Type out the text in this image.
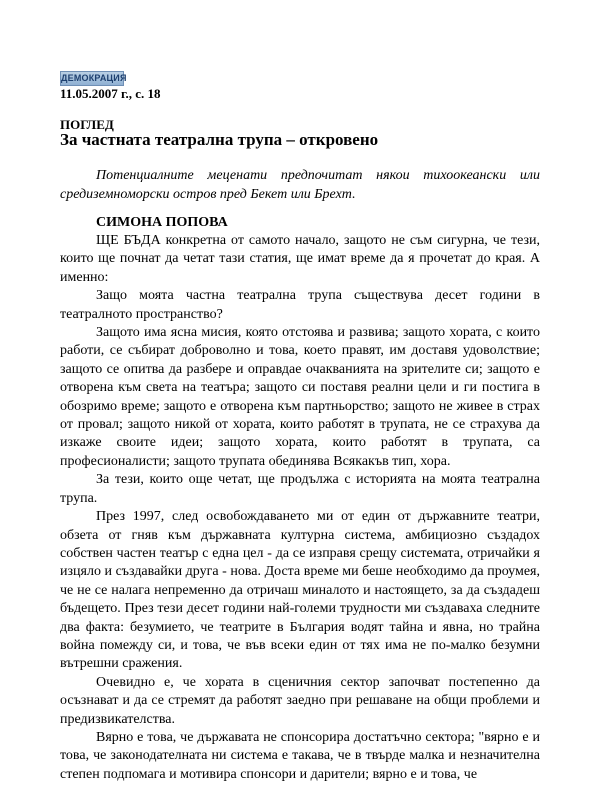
ДЕМОКРАЦИЯ
11.05.2007 г., с. 18
ПОГЛЕД
За частната театрална трупа – откровено
Потенциалните меценати предпочитат някои тихоокеански или средиземноморски остров пред Бекет или Брехт.
СИМОНА ПОПОВА

ЩЕ БЪДА конкретна от самото начало, защото не съм сигурна, че тези, които ще почнат да четат тази статия, ще имат време да я прочетат до края. А именно:

Защо моята частна театрална трупа съществува десет години в театралното пространство?

Защото има ясна мисия, която отстоява и развива; защото хората, с които работи, се събират доброволно и това, което правят, им доставя удоволствие; защото се опитва да разбере и оправдае очакванията на зрителите си; защото е отворена към света на театъра; защото си поставя реални цели и ги постига в обозримо време; защото е отворена към партньорство; защото не живее в страх от провал; защото никой от хората, които работят в трупата, не се страхува да изкаже своите идеи; защото хората, които работят в трупата, са професионалисти; защото трупата обединява Всякакъв тип, хора.

За тези, които още четат, ще продължа с историята на моята театрална трупа.

През 1997, след освобождаването ми от един от държавните театри, обзета от гняв към държавната културна система, амбициозно създадох собствен частен театър с една цел - да се изправя срещу системата, отричайки я изцяло и създавайки друга - нова. Доста време ми беше необходимо да проумея, че не се налага непременно да отричаш миналото и настоящето, за да създадеш бъдещето. През тези десет години най-големи трудности ми създаваха следните два факта: безумието, че театрите в България водят тайна и явна, но трайна война помежду си, и това, че във всеки един от тях има не по-малко безумни вътрешни сражения.

Очевидно е, че хората в сценичния сектор започват постепенно да осъзнават и да се стремят да работят заедно при решаване на общи проблеми и предизвикателства.

Вярно е това, че държавата не спонсорира достатъчно сектора; "вярно е и това, че законодателната ни система е такава, че в твърде малка и незначителна степен подпомага и мотивира спонсори и дарители; вярно е и това, че
